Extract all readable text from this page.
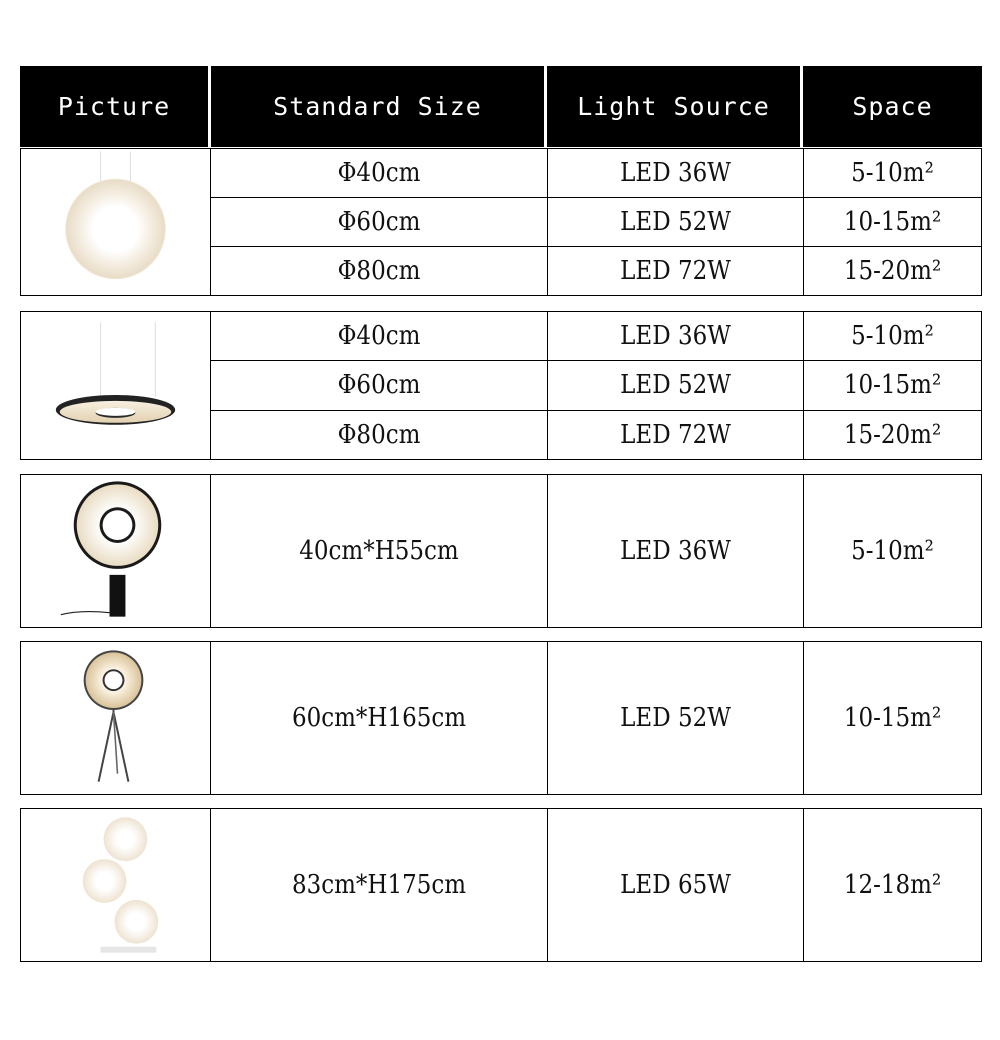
Picture	Standard Size	Light Source	Space
Φ40cm	LED 36W	5-10m²
Φ60cm	LED 52W	10-15m²
Φ80cm	LED 72W	15-20m²
Φ40cm	LED 36W	5-10m²
Φ60cm	LED 52W	10-15m²
Φ80cm	LED 72W	15-20m²
40cm*H55cm	LED 36W	5-10m²
60cm*H165cm	LED 52W	10-15m²
83cm*H175cm	LED 65W	12-18m²
